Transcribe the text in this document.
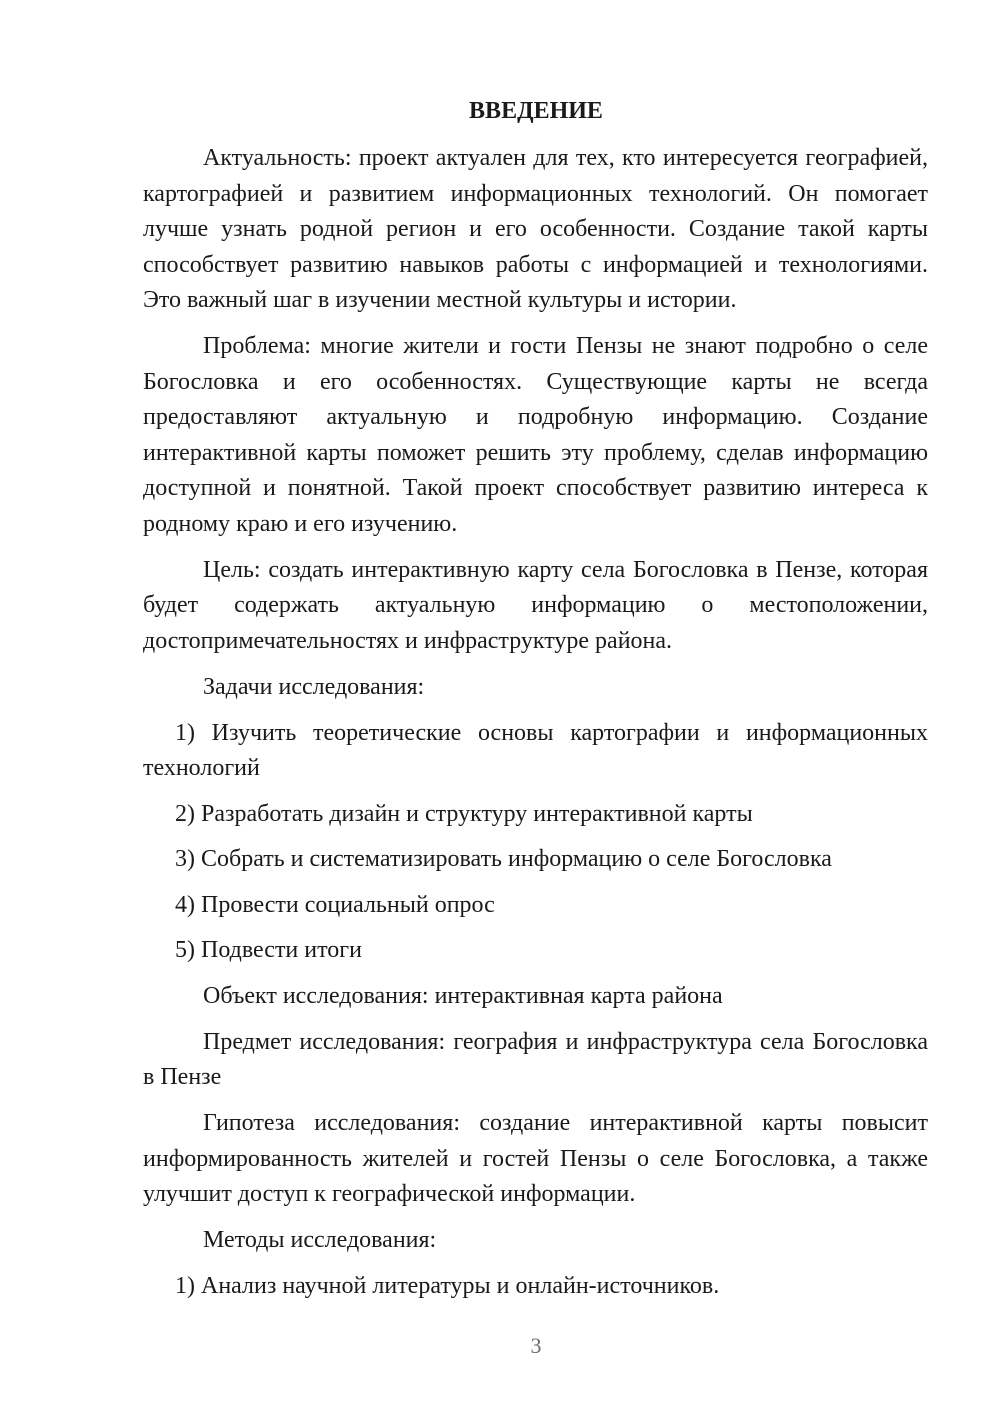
ВВЕДЕНИЕ

Актуальность: проект актуален для тех, кто интересуется географией, картографией и развитием информационных технологий. Он помогает лучше узнать родной регион и его особенности. Создание такой карты способствует развитию навыков работы с информацией и технологиями. Это важный шаг в изучении местной культуры и истории.

Проблема: многие жители и гости Пензы не знают подробно о селе Богословка и его особенностях. Существующие карты не всегда предоставляют актуальную и подробную информацию. Создание интерактивной карты поможет решить эту проблему, сделав информацию доступной и понятной. Такой проект способствует развитию интереса к родному краю и его изучению.

Цель: создать интерактивную карту села Богословка в Пензе, которая будет содержать актуальную информацию о местоположении, достопримечательностях и инфраструктуре района.

Задачи исследования:

1) Изучить теоретические основы картографии и информационных технологий

2) Разработать дизайн и структуру интерактивной карты

3) Собрать и систематизировать информацию о селе Богословка

4) Провести социальный опрос

5) Подвести итоги

Объект исследования: интерактивная карта района

Предмет исследования: география и инфраструктура села Богословка в Пензе

Гипотеза исследования: создание интерактивной карты повысит информированность жителей и гостей Пензы о селе Богословка, а также улучшит доступ к географической информации.

Методы исследования:

1) Анализ научной литературы и онлайн-источников.

3
